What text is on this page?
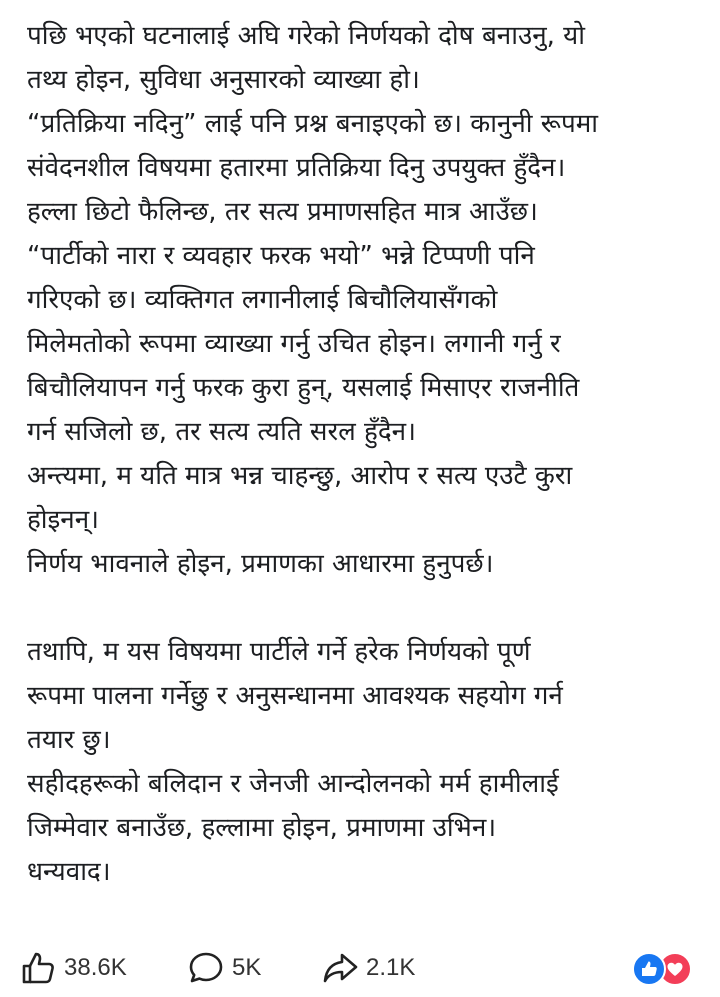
पछि भएको घटनालाई अघि गरेको निर्णयको दोष बनाउनु, यो
तथ्य होइन, सुविधा अनुसारको व्याख्या हो।
“प्रतिक्रिया नदिनु” लाई पनि प्रश्न बनाइएको छ। कानुनी रूपमा
संवेदनशील विषयमा हतारमा प्रतिक्रिया दिनु उपयुक्त हुँदैन।
हल्ला छिटो फैलिन्छ, तर सत्य प्रमाणसहित मात्र आउँछ।
“पार्टीको नारा र व्यवहार फरक भयो” भन्ने टिप्पणी पनि
गरिएको छ। व्यक्तिगत लगानीलाई बिचौलियासँगको
मिलेमतोको रूपमा व्याख्या गर्नु उचित होइन। लगानी गर्नु र
बिचौलियापन गर्नु फरक कुरा हुन्, यसलाई मिसाएर राजनीति
गर्न सजिलो छ, तर सत्य त्यति सरल हुँदैन।
अन्त्यमा, म यति मात्र भन्न चाहन्छु, आरोप र सत्य एउटै कुरा
होइनन्।
निर्णय भावनाले होइन, प्रमाणका आधारमा हुनुपर्छ।
तथापि, म यस विषयमा पार्टीले गर्ने हरेक निर्णयको पूर्ण
रूपमा पालना गर्नेछु र अनुसन्धानमा आवश्यक सहयोग गर्न
तयार छु।
सहीदहरूको बलिदान र जेनजी आन्दोलनको मर्म हामीलाई
जिम्मेवार बनाउँछ, हल्लामा होइन, प्रमाणमा उभिन।
धन्यवाद।
38.6K	5K	2.1K
